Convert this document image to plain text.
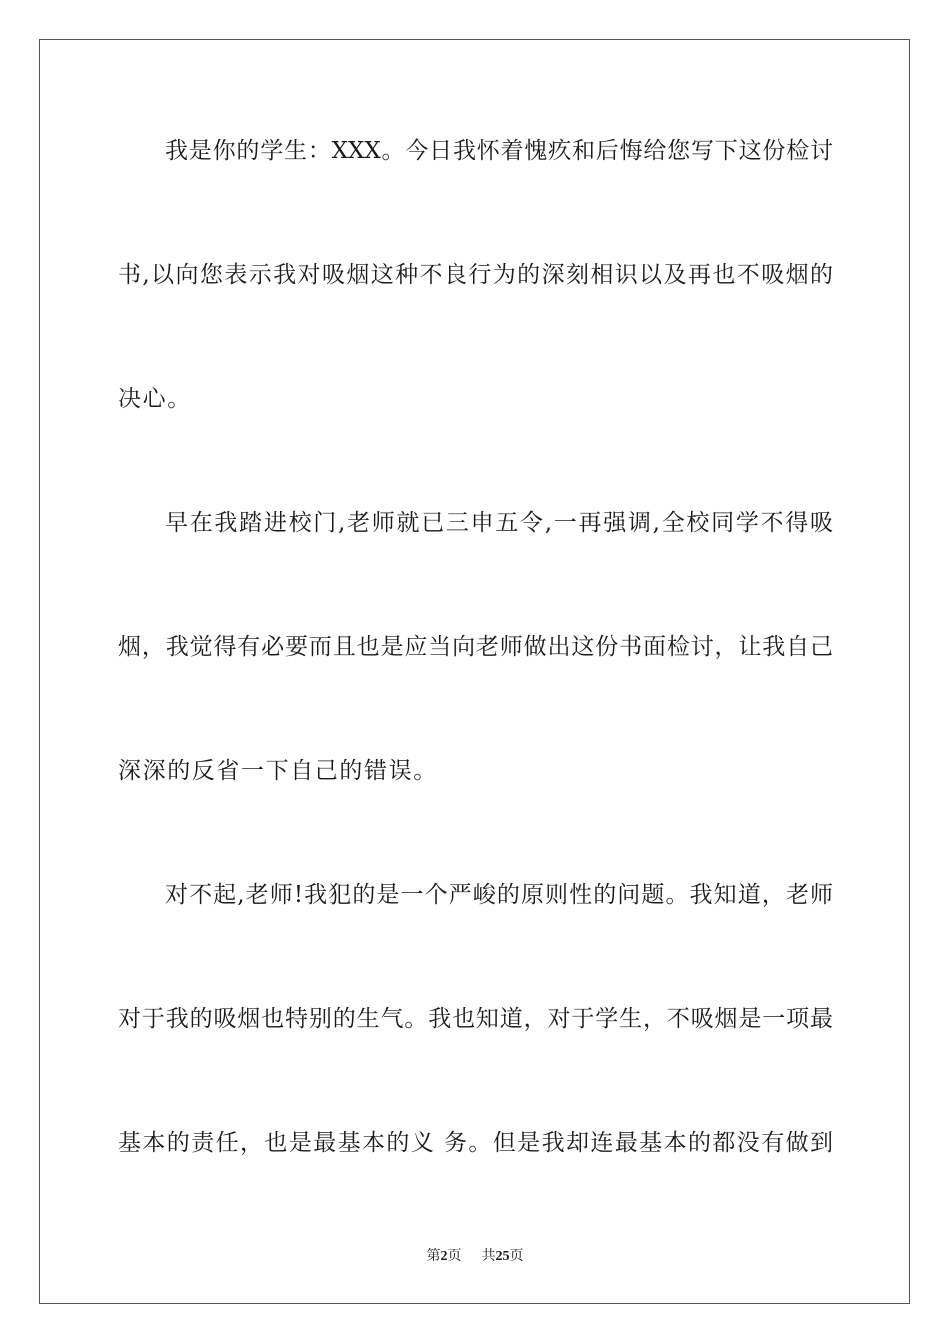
我是你的学生：XXX。今日我怀着愧疚和后悔给您写下这份检讨
书,以向您表示我对吸烟这种不良行为的深刻相识以及再也不吸烟的
决心。
早在我踏进校门,老师就已三申五令,一再强调,全校同学不得吸
烟，我觉得有必要而且也是应当向老师做出这份书面检讨，让我自己
深深的反省一下自己的错误。
对不起,老师!我犯的是一个严峻的原则性的问题。我知道，老师
对于我的吸烟也特别的生气。我也知道，对于学生，不吸烟是一项最
基本的责任，也是最基本的义 务。但是我却连最基本的都没有做到
第2页 共25页
